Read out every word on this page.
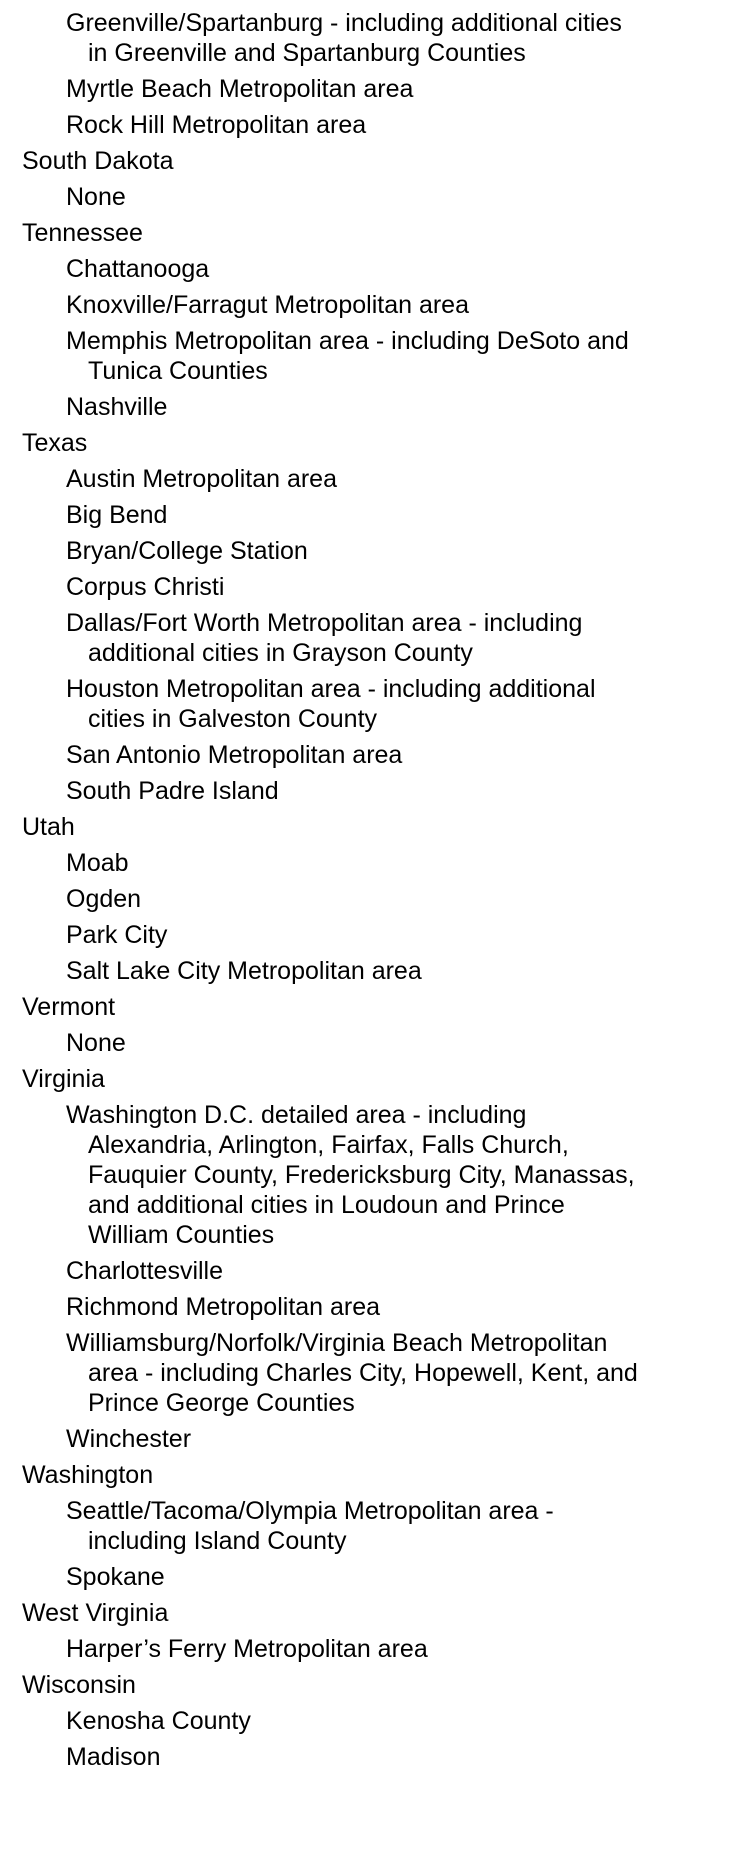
Greenville/Spartanburg - including additional cities
in Greenville and Spartanburg Counties
Myrtle Beach Metropolitan area
Rock Hill Metropolitan area
South Dakota
None
Tennessee
Chattanooga
Knoxville/Farragut Metropolitan area
Memphis Metropolitan area - including DeSoto and
Tunica Counties
Nashville
Texas
Austin Metropolitan area
Big Bend
Bryan/College Station
Corpus Christi
Dallas/Fort Worth Metropolitan area - including
additional cities in Grayson County
Houston Metropolitan area - including additional
cities in Galveston County
San Antonio Metropolitan area
South Padre Island
Utah
Moab
Ogden
Park City
Salt Lake City Metropolitan area
Vermont
None
Virginia
Washington D.C. detailed area - including
Alexandria, Arlington, Fairfax, Falls Church,
Fauquier County, Fredericksburg City, Manassas,
and additional cities in Loudoun and Prince
William Counties
Charlottesville
Richmond Metropolitan area
Williamsburg/Norfolk/Virginia Beach Metropolitan
area - including Charles City, Hopewell, Kent, and
Prince George Counties
Winchester
Washington
Seattle/Tacoma/Olympia Metropolitan area -
including Island County
Spokane
West Virginia
Harper’s Ferry Metropolitan area
Wisconsin
Kenosha County
Madison
